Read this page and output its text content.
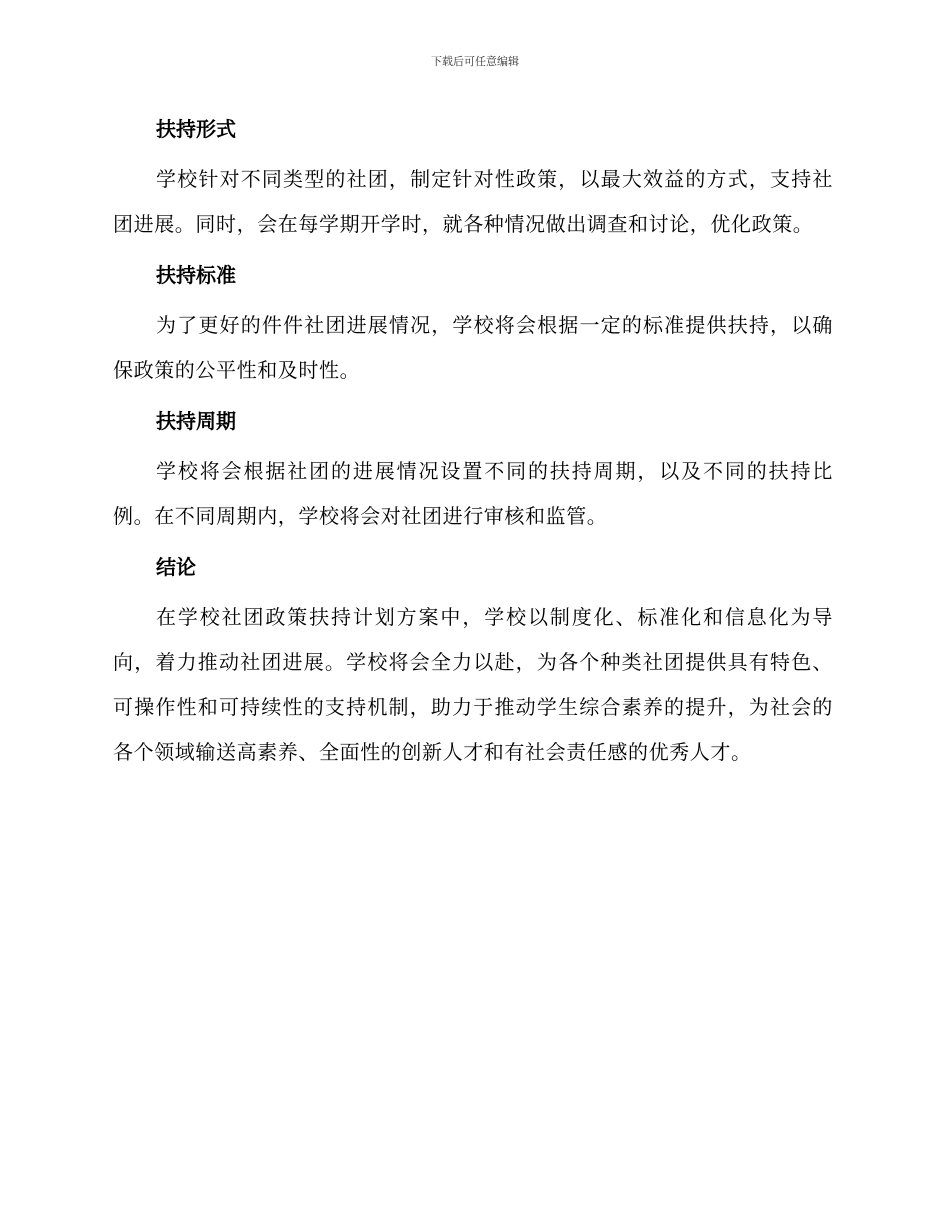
下载后可任意编辑
扶持形式

学校针对不同类型的社团，制定针对性政策，以最大效益的方式，支持社团进展。同时，会在每学期开学时，就各种情况做出调查和讨论，优化政策。

扶持标准

为了更好的件件社团进展情况，学校将会根据一定的标准提供扶持，以确保政策的公平性和及时性。

扶持周期

学校将会根据社团的进展情况设置不同的扶持周期，以及不同的扶持比例。在不同周期内，学校将会对社团进行审核和监管。

结论

在学校社团政策扶持计划方案中，学校以制度化、标准化和信息化为导向，着力推动社团进展。学校将会全力以赴，为各个种类社团提供具有特色、可操作性和可持续性的支持机制，助力于推动学生综合素养的提升，为社会的各个领域输送高素养、全面性的创新人才和有社会责任感的优秀人才。
